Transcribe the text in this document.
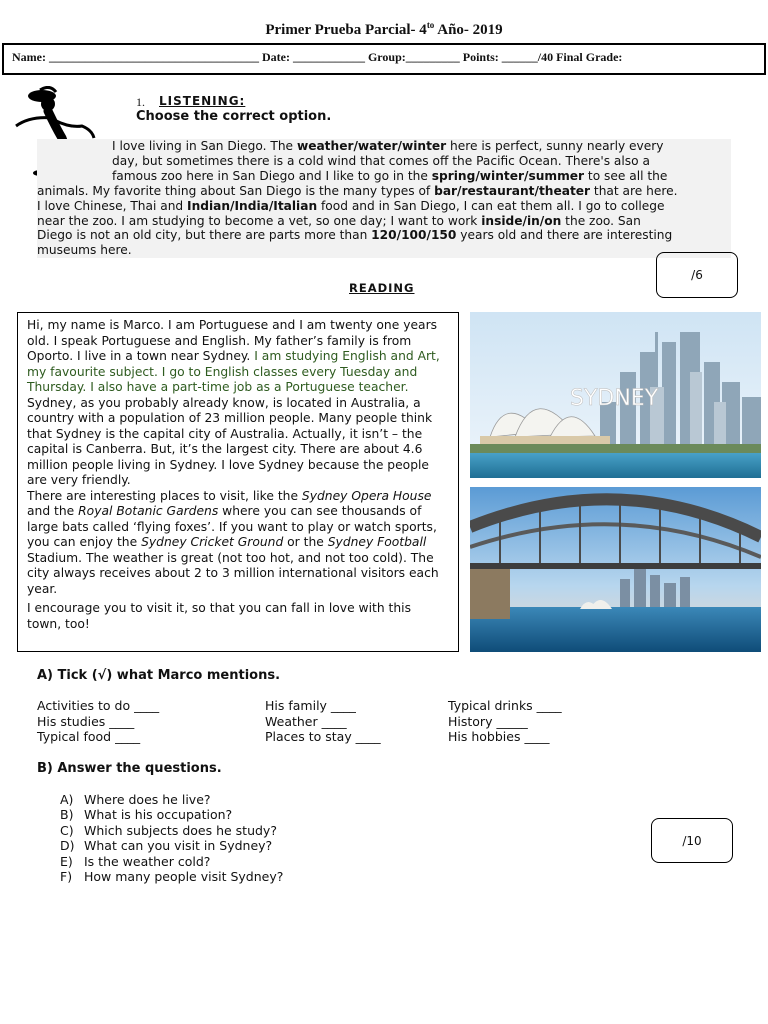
Primer Prueba Parcial- $4^{to}$ Año- 2019
Name: ___________________________________ Date: ____________ Group:_________ Points: ______/40 Final Grade:
1. LISTENING:
Choose the correct option.
I love living in San Diego. The weather/water/winter here is perfect, sunny nearly every
day, but sometimes there is a cold wind that comes off the Pacific Ocean. There's also a
famous zoo here in San Diego and I like to go in the spring/winter/summer to see all the
animals. My favorite thing about San Diego is the many types of bar/restaurant/theater that are here.
I love Chinese, Thai and Indian/India/Italian food and in San Diego, I can eat them all. I go to college
near the zoo. I am studying to become a vet, so one day; I want to work inside/in/on the zoo. San
Diego is not an old city, but there are parts more than 120/100/150 years old and there are interesting
museums here.
/6
READING

Hi, my name is Marco. I am Portuguese and I am twenty one years old. I speak Portuguese and English. My father’s family is from Oporto. I live in a town near Sydney. I am studying English and Art, my favourite subject. I go to English classes every Tuesday and Thursday. I also have a part-time job as a Portuguese teacher.

Sydney, as you probably already know, is located in Australia, a country with a population of 23 million people. Many people think that Sydney is the capital city of Australia. Actually, it isn’t – the capital is Canberra. But, it’s the largest city. There are about 4.6 million people living in Sydney. I love Sydney because the people are very friendly.

There are interesting places to visit, like the Sydney Opera House and the Royal Botanic Gardens where you can see thousands of large bats called ‘flying foxes’. If you want to play or watch sports, you can enjoy the Sydney Cricket Ground or the Sydney Football Stadium. The weather is great (not too hot, and not too cold). The city always receives about 2 to 3 million international visitors each year.

I encourage you to visit it, so that you can fall in love with this town, too!

SYDNEY
/10
A) Tick (√) what Marco mentions.
Activities to do ____	His family ____	Typical drinks ____
His studies ____	Weather ____	History _____
Typical food ____	Places to stay ____	His hobbies ____
B) Answer the questions.
A) Where does he live?
B) What is his occupation?
C) Which subjects does he study?
D) What can you visit in Sydney?
E) Is the weather cold?
F) How many people visit Sydney?
